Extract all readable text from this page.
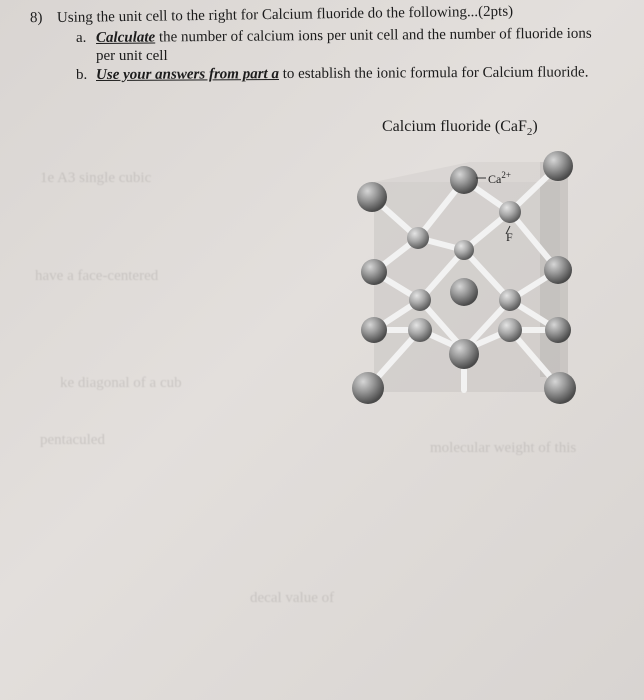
1e A3 single cubic
have a face-centered
ke diagonal of a cub
pentaculed	molecular weight of this
decal value of
8) Using the unit cell to the right for Calcium fluoride do the following...(2pts)
a. Calculate the number of calcium ions per unit cell and the number of fluoride ions
per unit cell
b. Use your answers from part a to establish the ionic formula for Calcium fluoride.
Calcium fluoride (CaF$_2$)
$Ca^{2+}$
F
